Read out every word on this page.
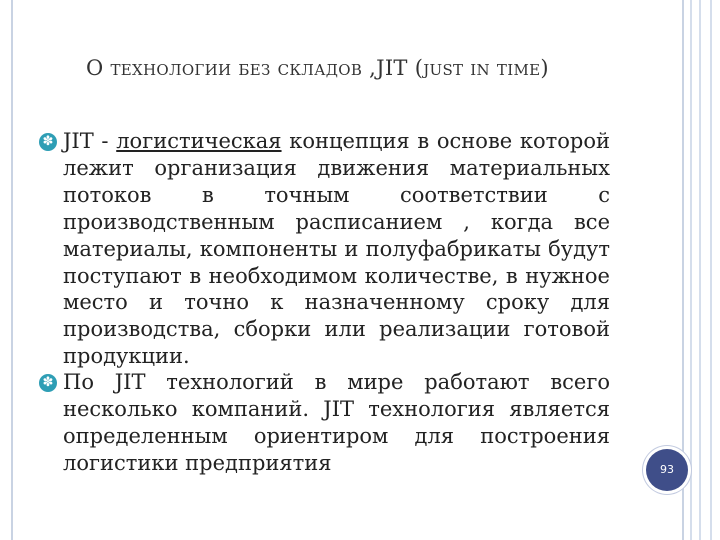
О технологии без складов ,JIT (just in time)
✽ JIT - логистическая концепция в основе которой лежит организация движения материальных потоков в точным соответствии с производственным расписанием , когда все материалы, компоненты и полуфабрикаты будут поступают в необходимом количестве, в нужное место и точно к назначенному сроку для производства, сборки или реализации готовой продукции.
✽ По JIT технологий в мире работают всего несколько компаний. JIT технология является определенным ориентиром для построения логистики предприятия	93
